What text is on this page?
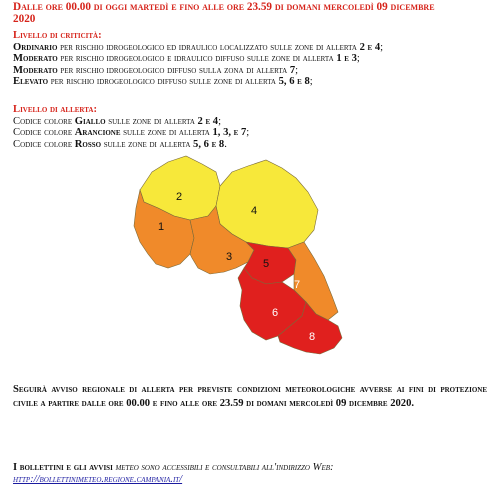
Dalle ore 00.00 di oggi martedì e fino alle ore 23.59 di domani mercoledì 09 dicembre
2020
Livello di criticità:
Ordinario per rischio idrogeologico ed idraulico localizzato sulle zone di allerta 2 e 4;
Moderato per rischio idrogeologico e idraulico diffuso sulle zone di allerta 1 e 3;
Moderato per rischio idrogeologico diffuso sulla zona di allerta 7;
Elevato per rischio idrogeologico diffuso sulle zone di allerta 5, 6 e 8;
Livello di allerta:
Codice colore Giallo sulle zone di allerta 2 e 4;
Codice colore Arancione sulle zone di allerta 1, 3, e 7;
Codice colore Rosso sulle zone di allerta 5, 6 e 8.
1
2
3
4
5
6
7
8
Seguirà avviso regionale di allerta per previste condizioni meteorologiche avverse ai fini di protezione civile a partire dalle ore 00.00 e fino alle ore 23.59 di domani mercoledì 09 dicembre 2020.
I bollettini e gli avvisi meteo sono accessibili e consultabili all'indirizzo Web:
http://bollettinimeteo.regione.campania.it/
